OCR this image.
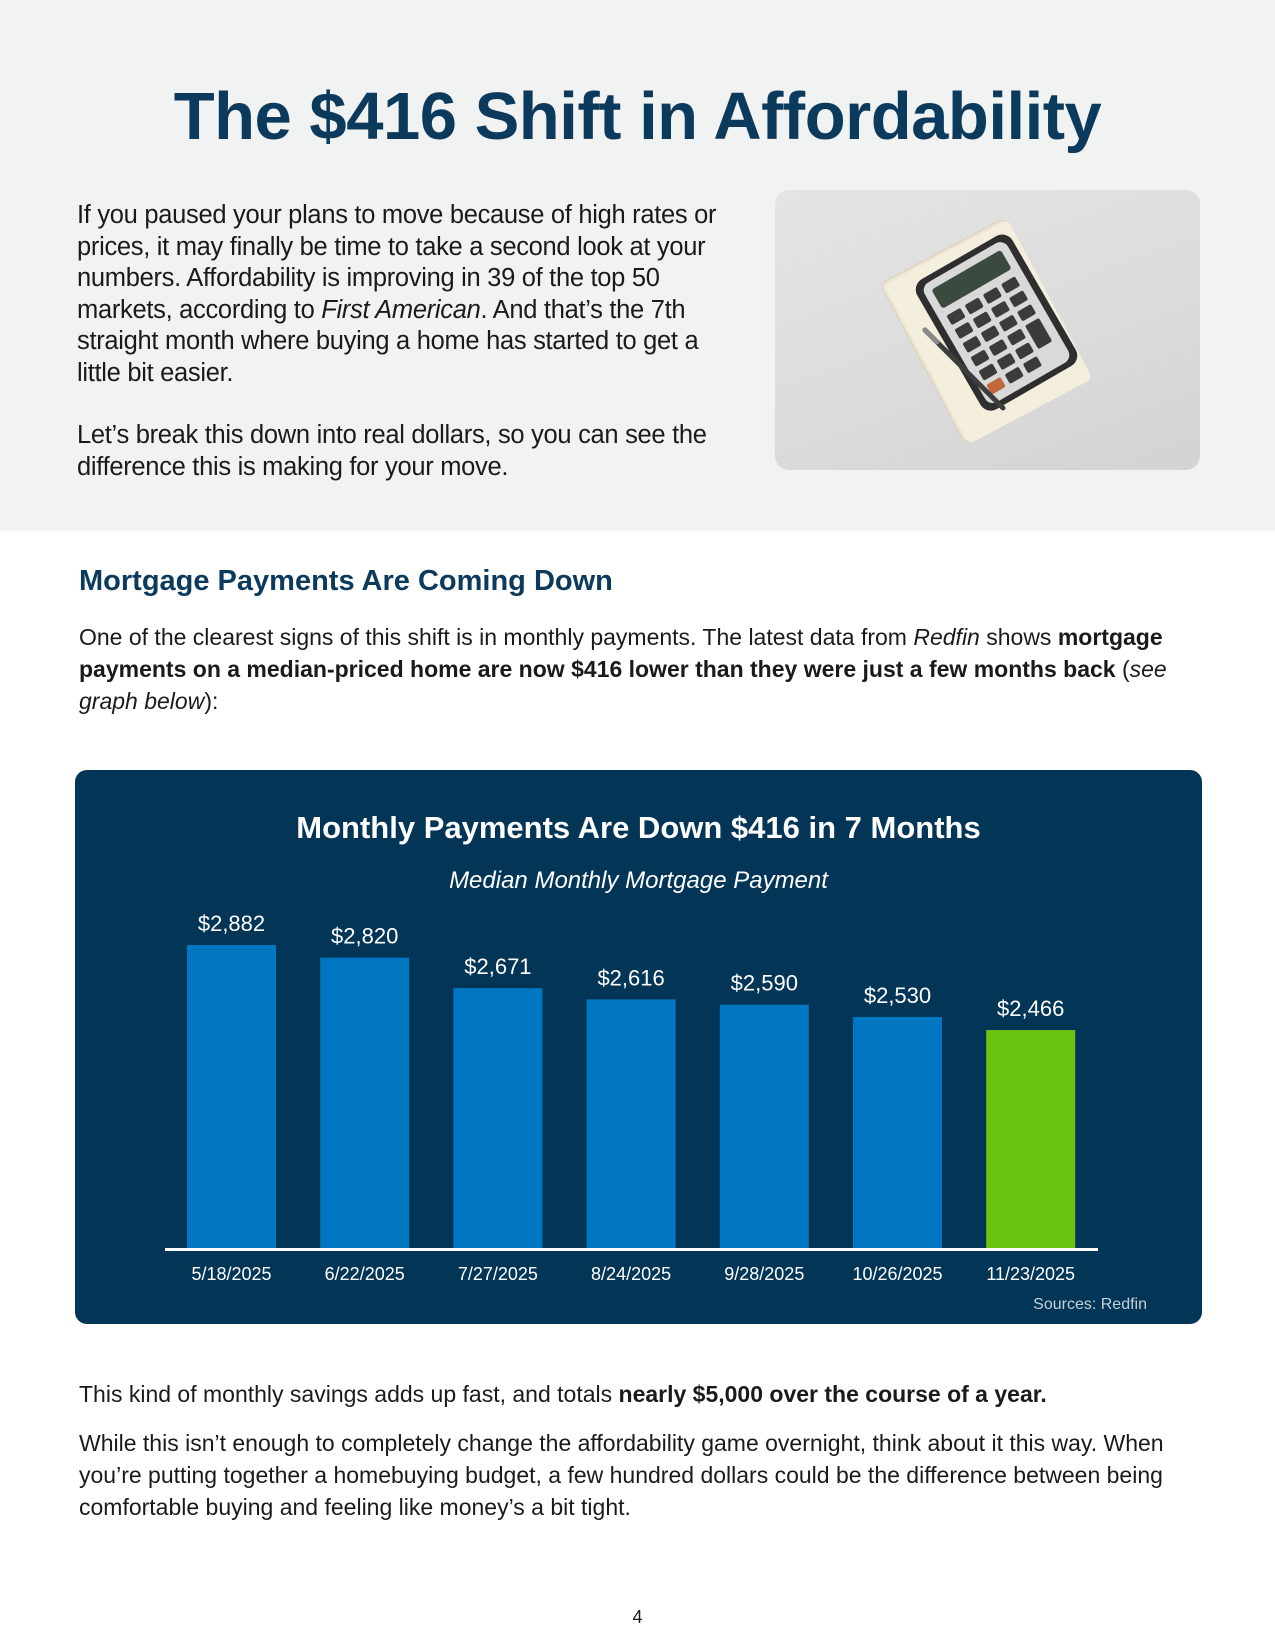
The $416 Shift in Affordability

If you paused your plans to move because of high rates or prices, it may finally be time to take a second look at your numbers. Affordability is improving in 39 of the top 50 markets, according to First American. And that’s the 7th straight month where buying a home has started to get a little bit easier.

Let’s break this down into real dollars, so you can see the difference this is making for your move.

Mortgage Payments Are Coming Down

One of the clearest signs of this shift is in monthly payments. The latest data from Redfin shows mortgage payments on a median-priced home are now $416 lower than they were just a few months back (see graph below):

Monthly Payments Are Down $416 in 7 Months
Median Monthly Mortgage Payment
$2,882
5/18/2025
$2,820
6/22/2025
$2,671
7/27/2025
$2,616
8/24/2025
$2,590
9/28/2025
$2,530
10/26/2025
$2,466
11/23/2025
Sources: Redfin

This kind of monthly savings adds up fast, and totals nearly $5,000 over the course of a year.

While this isn’t enough to completely change the affordability game overnight, think about it this way. When you’re putting together a homebuying budget, a few hundred dollars could be the difference between being comfortable buying and feeling like money’s a bit tight.

4
